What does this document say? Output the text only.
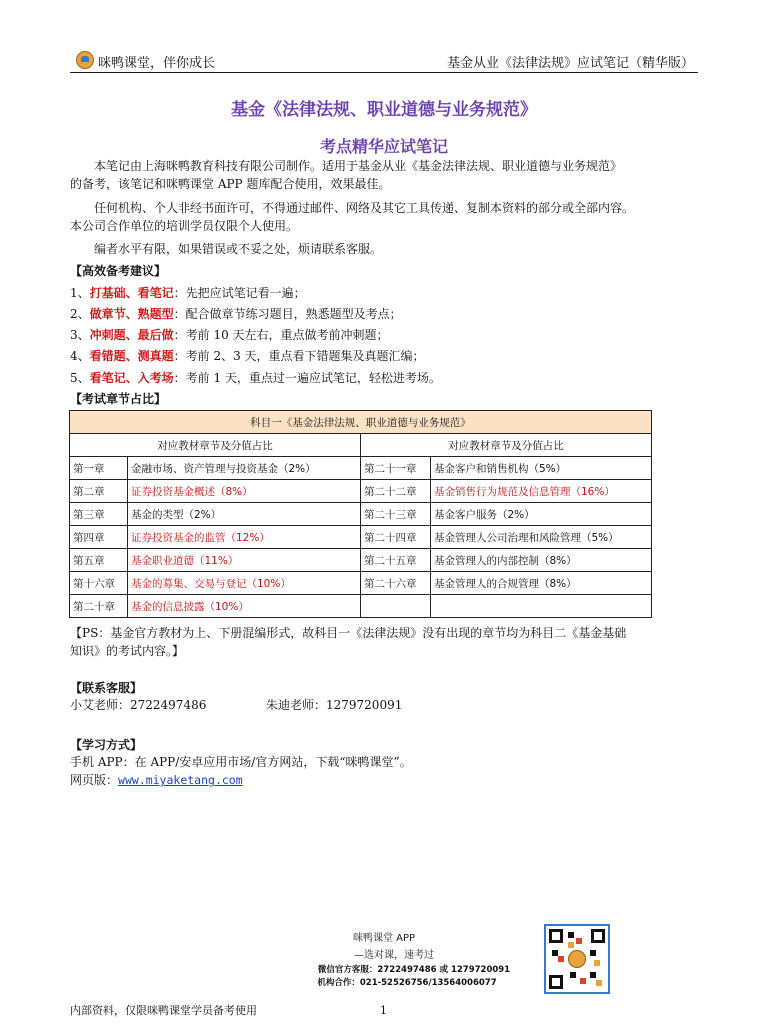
咪鸭课堂，伴你成长	基金从业《法律法规》应试笔记（精华版）
基金《法律法规、职业道德与业务规范》
考点精华应试笔记
本笔记由上海咪鸭教育科技有限公司制作。适用于基金从业《基金法律法规、职业道德与业务规范》
的备考，该笔记和咪鸭课堂 APP 题库配合使用，效果最佳。
任何机构、个人非经书面许可，不得通过邮件、网络及其它工具传递、复制本资料的部分或全部内容。
本公司合作单位的培训学员仅限个人使用。
编者水平有限，如果错误或不妥之处，烦请联系客服。
【高效备考建议】
1、打基础、看笔记：先把应试笔记看一遍；
2、做章节、熟题型：配合做章节练习题目，熟悉题型及考点；
3、冲刺题、最后做：考前 10 天左右，重点做考前冲刺题；
4、看错题、测真题：考前 2、3 天，重点看下错题集及真题汇编；
5、看笔记、入考场：考前 1 天，重点过一遍应试笔记，轻松进考场。
【考试章节占比】
科目一《基金法律法规、职业道德与业务规范》			
对应教材章节及分值占比		对应教材章节及分值占比	
第一章	金融市场、资产管理与投资基金（2%）	第二十一章	基金客户和销售机构（5%）
第二章	证券投资基金概述（8%）	第二十二章	基金销售行为规范及信息管理（16%）
第三章	基金的类型（2%）	第二十三章	基金客户服务（2%）
第四章	证券投资基金的监管（12%）	第二十四章	基金管理人公司治理和风险管理（5%）
第五章	基金职业道德（11%）	第二十五章	基金管理人的内部控制（8%）
第十六章	基金的募集、交易与登记（10%）	第二十六章	基金管理人的合规管理（8%）
第二十章	基金的信息披露（10%）		
【PS：基金官方教材为上、下册混编形式，故科目一《法律法规》没有出现的章节均为科目二《基金基础
知识》的考试内容。】
【联系客服】
小艾老师：2722497486	朱迪老师：1279720091
【学习方式】
手机 APP：在 APP/安卓应用市场/官方网站，下载“咪鸭课堂”。
网页版：www.miyaketang.com
咪鸭课堂 APP
—选对课，速考过
微信官方客服：2722497486 或 1279720091
机构合作：021-52526756/13564006077
内部资料，仅限咪鸭课堂学员备考使用	1
